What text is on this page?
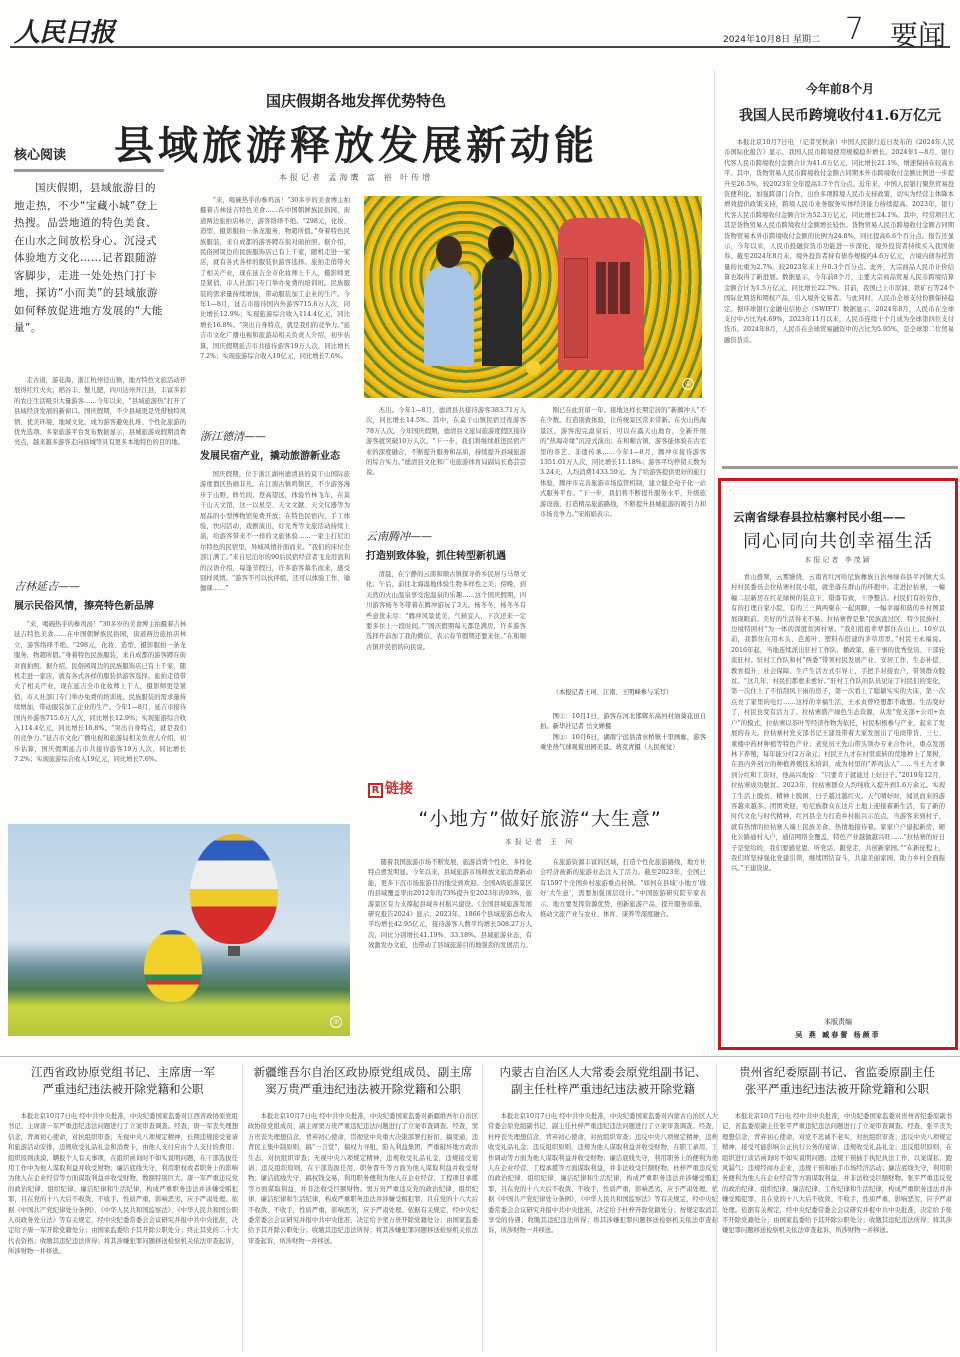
人民日报	2024年10月8日 星期二 7 要闻
国庆假期各地发挥优势特色
县域旅游释放发展新动能
本报记者 孟海鹰 富 裕 叶传增
核心阅读
国庆假期，县域旅游目的地走热，不少“宝藏小城”登上热搜。品尝地道的特色美食、在山水之间放松身心、沉浸式体验地方文化……记者跟随游客脚步，走进一处处热门打卡地，探访“小而美”的县域旅游如何释放促进地方发展的“大能量”。

走古道，游花海，浙江杭州径山镇，地方特色文旅活动开展得红红火火；稻谷丰、蟹儿肥，四川达州开江县，丰富多彩的农庄生活吸引大量游客……今年以来，“县域旅游热”打开了县域经济发展的新窗口。国庆假期，不少县域更是凭借独特风情、优美环境、地域文化，成为游客避免扎堆、个性化旅游的优先选项。多家旅游平台发布数据显示，县城旅游成假期消费亮点，越来越多游客走向县城等具有更多本地特色的目的地。

吉林延吉——
展示民俗风情，擦亮特色新品牌

“来，喝碗热乎的参鸡汤！”30多岁的美食博主拍摄着吉林延吉特色美食……在中国朝鲜族民俗园，街道两边旅拍店林立，游客络绎不绝。“298元，化妆、造型、摄影服拍一条龙服务，物超所值。”身着特色民族服装，来自成都的游客蹲在街对面拍照。据介绍，民俗园周边的民族服饰店已有上千家，随机走进一家店，就有各式各样的服装供游客选择。旅拍走俏带火了相关产业，现在延吉全市化妆师上千人，摄影师更是紧俏，市人社部门专门举办免费的培训班。民族服装的需求量持续增加，带动服装加工企业的生产。今年1—8月，延吉市接待国内外游客715.6万人次，同比增长12.9%；实现旅游综合收入114.4亿元，同比增长16.8%。“突出自身特点，就是我们的竞争力。”延吉市文化广播电视和旅游局相关负责人介绍，初步估算，国庆假期延吉市共接待游客19万人次，同比增长7.2%；实现旅游综合收入19亿元，同比增长7.6%。

“来，喝碗热乎的参鸡汤！”30多岁的美食博主拍摄着吉林延吉特色美食……在中国朝鲜族民俗园，街道两边旅拍店林立，游客络绎不绝。“298元，化妆、造型、摄影服拍一条龙服务，物超所值。”身着特色民族服装，来自成都的游客蹲在街对面拍照。据介绍，民俗园周边的民族服饰店已有上千家，随机走进一家店，就有各式各样的服装供游客选择。旅拍走俏带火了相关产业，现在延吉全市化妆师上千人，摄影师更是紧俏，市人社部门专门举办免费的培训班。民族服装的需求量持续增加，带动服装加工企业的生产。今年1—8月，延吉市接待国内外游客715.6万人次，同比增长12.9%；实现旅游综合收入114.4亿元，同比增长16.8%。“突出自身特点，就是我们的竞争力。”延吉市文化广播电视和旅游局相关负责人介绍，初步估算，国庆假期延吉市共接待游客19万人次，同比增长7.2%；实现旅游综合收入19亿元，同比增长7.6%。

浙江德清——
发展民宿产业，撬动旅游新业态

国庆假期，位于浙江湖州德清县的莫干山国际旅游度假区热闹非凡。在江南古镇鸣镇区，不少游客漫步于山野，修竹间，登高望远，体验竹林飞车，在莫干山天文馆，这一以星空、天文文献、天文仪器等为展品的小型博物馆免费开放；在特色民宿内，手工体验，快闪活动，戏剧演出，灯光秀等文旅活动持续上演，给游客带来不一样的文旅体验……一家主打尼泊尔特色的民宿里，异域风情扑面而来。“我们的床位全部订满了。”来自尼泊尔的90后民宿经营者飞龙用流利的汉语介绍，每逢节假日，许多游客慕名而来，感受别样风情。“游客不可以伙伴组，还可以体验工作、瑜伽课……”

杰出。今年1—8月，德清县共接待游客383.71万人次，同比增长14.5%。其中，在莫干山镇民宿过夜游客78万人次。今年国庆假期，德清县文旅局旅游度假区接待游客就突破10万人次。“下一步，我们将继续推进民宿产业的深度融合，不断提升服务和品质，持续提升县域旅游的综合实力。”德清县文化和广电旅游体育局副局长葛芸芸说。

云南腾冲——
打造别致体验，抓住转型新机遇

清晨，在宁静的云南和顺古镇探寻侨乡民居与马帮文化；午后，前往北海湿地体验生物多样性之美；傍晚，到天然的火山温泉享受泡温泉的乐趣……这个国庆假期，四川游客杨冬冬带着在腾冲游玩了3天。杨冬冬，杨冬冬有些意犹未尽：“腾冲风景优美，气候宜人，下次还来一定要多住上一段时间。”“国庆假期每天都是满房，许多游客选择开前加了我的微信，表示春节假期还要来住。”在和顺古镇开民宿的向民说。

刚已在此驻留一年。接地这样长期定居的“新腾冲人”不在少数。打造别致体验，让传统景区常来常新。在火山热海景区，游客泡完温泉后，可以在露天山地台，全新开展的“热海奇缘”沉浸式演出；在和顺古镇，游客能体验在古宅里的茶艺、非遗传承……今年1—8月，腾冲市接待游客1351.01万人次，同比增长11.18%；游客平均停留天数为3.24天，人均消费1433.59元。为了给游客提供更好的旅行体验，腾冲市完善旅游市场监管机制，建立健全电子化一站式服务平台。“下一步，我们将不断提升服务水平，升级旅游设施，打造精品旅游路线，不断提升县城旅游的吸引力和市场竞争力。”宋娟娟表示。

（本报记者王珂、江南、王明峰参与采写）

图①：10月1日，游客在河北邯郸东高河村油葵花田自拍。新华社记者 岳文婵摄

图②：10月6日，湖南宁远县清水桥镇十里画廊，游客乘坐热气球观赏田园美景。蒋克青摄（人民视觉）

①
②
R 链接
“小地方”做好旅游“大生意”
本报记者 王 珂

随着我国旅游市场不断发展，旅游消费个性化、多样化特点愈发明显。今年以来，县域旅游市场释放文旅消费新动能，更多下沉市场旅游目的地受到欢迎。全国A级旅游景区的县域覆盖率由2012年的73%提升至2023年的93%，旅游景区有力支撑起县域乡村振兴建设。《全国县域旅游发展研究报告2024》显示，2023年，1866个县域旅游总收入平均增长42.95亿元，接待游客人数平均增长508.27万人次，同比分别增长41.19%、33.18%。县域旅游业态，有效激发办文旅，也带动了县域旅游目的地强劲的发展活力。

在旅游资源丰富的区域，打造个性化旅游路线，地方社会经济被新的旅游业态注入了活力。截至2023年，全国已有1597个全国乡村旅游重点村镇。“如何在县域‘小地方’做好‘大生意’，需要加强顶层设计。”中国旅游研究院专家表示，地方要发挥资源优势，创新旅游产品，提升服务质量，推动文旅产业与农业、体育、康养等深度融合。

今年前8个月
我国人民币跨境收付41.6万亿元

本报北京10月7日电 （记者吴秋余）中国人民银行近日发布的《2024年人民币国际化报告》显示，我国人民币跨境使用规模稳步增长。2024年1—8月，银行代客人民币跨境收付金额合计为41.6万亿元，同比增长21.1%，增速保持在较高水平。其中，货物贸易人民币跨境收付金额占同期本外币跨境收付金额比例进一步提升至26.5%，较2023年全年提高1.7个百分点。近年来，中国人民银行聚焦贸易投资便利化，加强跨部门合作，出台多项跨境人民币支持政策，切实为经营主体降本增效提供政策支持，跨境人民币业务服务实体经济能力持续提高。2023年，银行代客人民币跨境收付金额合计为52.3万亿元，同比增长24.1%。其中，经常项目尤其是货物贸易人民币跨境收付金额增长较快。货物贸易人民币跨境收付金额占同期货物贸易本外币跨境收付金额的比例为24.8%，同比提高6.6个百分点。报告还显示，今年以来，人民币投融资货币功能进一步深化，境外投资者持续买入我国债券。截至2024年8月末，境外投资者持有债券规模约4.6万亿元，占境内债券托管量的比重为2.7%。较2023年末上升0.3个百分点。此外，大宗商品人民币计价结算也取得了新进展。数据显示，今年前8个月，主要大宗商品贸易人民币跨境结算金额合计为1.5万亿元，同比增长22.7%。目前，我国已上市原油、铁矿石等24个国际化期货和期权产品，引入境外交易者。与此同时，人民币全球支付份额保持稳定。据环球银行金融电信协会（SWIFT）数据显示，2024年8月，人民币在全球支付中占比为4.69%，2023年11月以来，人民币连续十个月成为全球第四位支付货币。2024年8月，人民币在全球贸易融资中的占比为5.95%，是全球第二位贸易融资货币。

云南省绿春县拉枯寨村民小组——
同心同向共创幸福生活
本报记者 李茂颖

青山叠翠，云雾缭绕，云南省红河哈尼族彝族自治州绿春县平河镇大头村村民委员会拉枯寨村民小组，就坐落在群山的环抱中。走进拉枯寨，一幢幢二层新房在红花绿树的装点下，错落有致，干净整洁。村民们有的劳作，有的打理自家小院，有的三三两两聚在一起闲聊，一幅幸福和谐的乡村图景展现眼前。美好的生活得来不易。拉枯寨曾是集“民族直过区、特少民族村、边境特困村”为一体的深度贫困村寨。“我们祖祖辈辈都住在山上。10岁以前，我都住在用木头、芭蕉叶、塑料布搭建的茅草房里。”村民王永福说。2016年起，当地连续派出驻村工作队，播政策、施干事的优秀党员、干部轮流驻村。驻村工作队和村“两委”带领村民发展产业、安居工作，生态补偿、教育提升、社会保障、生产生活方式引导上，手把手对接农户，带领群众脱贫。“这几年，村民们都愈来愈好。”驻村工作队的队员见证了村民们的变化，第一次住上了不怕刮风下雨的房子，第一次看上了聪敏实实的大床，第一次点亮了家里的电灯……这样的幸福生活，王永贞曾经想都不敢想。生活变好了，村民也变有活力了。拉枯寨盛产绿色生态资源，从发“党支部+公司+农户”的模式，拉枯寨以茶叶等经济作物为依托，村民积极参与产业，起来了发展的春天。拉枯寨村党支部书记王建设带着大家发展出了电商带货、三七、重楼中药材种植等特色产业；老党员王先山带头领办专业合作社，重点发展林下养殖，每年能分红2万余元；村民王九才在村里流转的荒地种上了果树，在县内外创立的种植养殖技术培训，成为村里的“养鸡达人”……当王九才拿到分红和工资时，他高兴地说：“只要肯干就能过上好日子。”2019年12月，拉枯寨成功脱贫。2023年，拉枯寨群众人均纯收入提升到1.6万余元。实现了生活上脱贫、精神上脱困，日子越过越红火。天气晴好时，闻讯而来的游客越来越多。团团欢迎，哈尼族群众在这片土地上迎接着新生活，有了新的时代文化与时代精神，红河县全力打造乡村振兴示范点，当游客来到村子，就有热情的拉枯寨人端上民族美食、热情地接待着。家家户户建起新房，硬化公路通村入户，通信网络全覆盖，特色产业越做越兴旺……“拉枯寨的好日子是党给的，我们要感党恩、听党话、跟党走，共创新家园。”“在新征程上，我们将坚持强化党建引领，继续团结奋斗，共建美丽家园，助力乡村全面振兴。”王建设说。

本版责编
吴 燕 臧春蕾 杨颜菲
江西省政协原党组书记、主席唐一军
严重违纪违法被开除党籍和公职

本报北京10月7日电 经中共中央批准，中央纪委国家监委对江西省政协原党组书记、主席唐一军严重违纪违法问题进行了立案审查调查。经查，唐一军丧失理想信念，背离初心使命，对抗组织审查；无视中央八项规定精神，长期违规接受宴请和旅游活动安排，违规收受礼品礼金和消费卡，由他人支付应由个人支付的费用；组织原则淡漠，瞒报个人有关事项，在组织函询时不如实说明问题，在干部选拔任用工作中为他人谋取利益并收受财物；廉洁底线失守，利用职权或者职务上的影响为他人在企业经营等方面谋取利益并收受财物，数额特别巨大。唐一军严重违反党的政治纪律、组织纪律、廉洁纪律和生活纪律，构成严重职务违法并涉嫌受贿犯罪，且在党的十八大后不收敛、不收手，性质严重，影响恶劣，应予严肃处理。依据《中国共产党纪律处分条例》、《中华人民共和国监察法》、《中华人民共和国公职人员政务处分法》等有关规定，经中央纪委常委会会议研究并报中共中央批准，决定给予唐一军开除党籍处分；由国家监委给予其开除公职处分；终止其党的二十大代表资格；收缴其违纪违法所得；将其涉嫌犯罪问题移送检察机关依法审查起诉，所涉财物一并移送。

新疆维吾尔自治区政协原党组成员、副主席
窦万贵严重违纪违法被开除党籍和公职

本报北京10月7日电 经中共中央批准，中央纪委国家监委对新疆维吾尔自治区政协原党组成员、副主席窦万贵严重违纪违法问题进行了立案审查调查。经查，窦万贵丧失理想信念，背弃初心使命，贯彻党中央重大决策部署打折扣、搞变通，违背民主集中制原则，搞“一言堂”，搞权力寻租，陷入利益集团，严重破坏地方政治生态，对抗组织审查；无视中央八项规定精神，违规收受礼品礼金，违规接受宴请；违反组织原则，在干部选拔任用、职务晋升等方面为他人谋取利益并收受财物；廉洁底线失守，搞权钱交易，利用职务便利为他人在企业经营、工程项目承揽等方面谋取利益，并非法收受巨额财物。窦万贵严重违反党的政治纪律、组织纪律、廉洁纪律和生活纪律，构成严重职务违法并涉嫌受贿犯罪，且在党的十八大后不收敛、不收手，性质严重，影响恶劣，应予严肃处理。依据有关规定，经中央纪委常委会会议研究并报中共中央批准，决定给予窦万贵开除党籍处分；由国家监委给予其开除公职处分；收缴其违纪违法所得；将其涉嫌犯罪问题移送检察机关依法审查起诉，所涉财物一并移送。

内蒙古自治区人大常委会原党组副书记、
副主任杜梓严重违纪违法被开除党籍

本报北京10月7日电 经中共中央批准，中央纪委国家监委对内蒙古自治区人大常委会原党组副书记、副主任杜梓严重违纪违法问题进行了立案审查调查。经查，杜梓丧失理想信念，背弃初心使命，对抗组织审查；违反中央八项规定精神，违规收受礼品礼金；违反组织原则，违规为他人谋取利益并收受财物，在职工录用、工作调动等方面为他人谋取利益并收受财物；廉洁底线失守，利用职务上的便利为他人在企业经营、工程承揽等方面谋取利益，并非法收受巨额财物。杜梓严重违反党的政治纪律、组织纪律、廉洁纪律和生活纪律，构成严重职务违法并涉嫌受贿犯罪，且在党的十八大后不收敛、不收手，性质严重，影响恶劣，应予严肃处理。依据《中国共产党纪律处分条例》、《中华人民共和国监察法》等有关规定，经中央纪委常委会会议研究并报中共中央批准，决定给予杜梓开除党籍处分；按规定取消其享受的待遇；收缴其违纪违法所得；将其涉嫌犯罪问题移送检察机关依法审查起诉，所涉财物一并移送。

贵州省纪委原副书记、省监委原副主任
张平严重违纪违法被开除党籍和公职

本报北京10月7日电 经中共中央批准，中央纪委国家监委对贵州省纪委原副书记、省监委原副主任张平严重违纪违法问题进行了立案审查调查。经查，张平丧失理想信念，背弃初心使命，对党不忠诚不老实，对抗组织审查；违反中央八项规定精神，接受可能影响公正执行公务的宴请；违规收受礼品礼金；违反组织原则，在组织进行谈话函询时不如实说明问题；违规干预插手执纪执法工作，以案谋私，跑风漏气；违规经商办企业，违规干预和插手市场经济活动；廉洁底线失守，利用职务便利为他人在企业经营等方面谋取利益，并非法收受巨额财物。张平严重违反党的政治纪律、组织纪律、廉洁纪律、工作纪律和生活纪律，构成严重职务违法并涉嫌受贿犯罪，且在党的十八大后不收敛、不收手，性质严重，影响恶劣，应予严肃处理。依据有关规定，经中央纪委常委会会议研究并报中共中央批准，决定给予张平开除党籍处分；由国家监委给予其开除公职处分；收缴其违纪违法所得；将其涉嫌犯罪问题移送检察机关依法审查起诉，所涉财物一并移送。
